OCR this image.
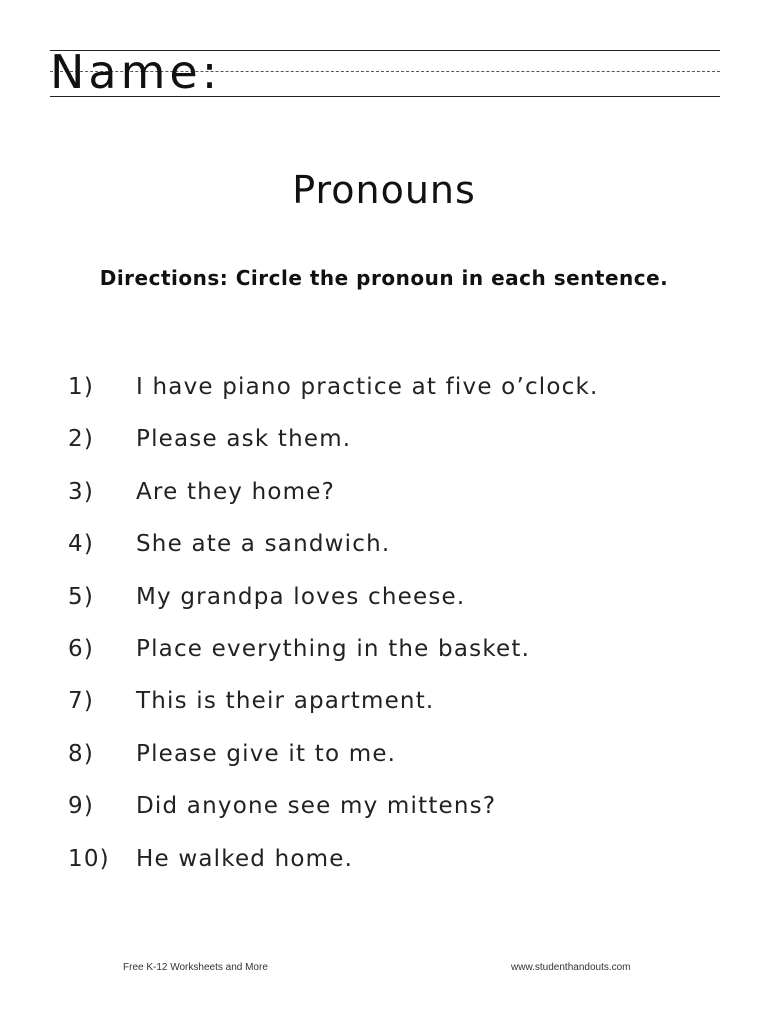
Name:
Pronouns

Directions: Circle the pronoun in each sentence.

1) I have piano practice at five o’clock.
2) Please ask them.
3) Are they home?
4) She ate a sandwich.
5) My grandpa loves cheese.
6) Place everything in the basket.
7) This is their apartment.
8) Please give it to me.
9) Did anyone see my mittens?
10) He walked home.
Free K-12 Worksheets and More	www.studenthandouts.com
